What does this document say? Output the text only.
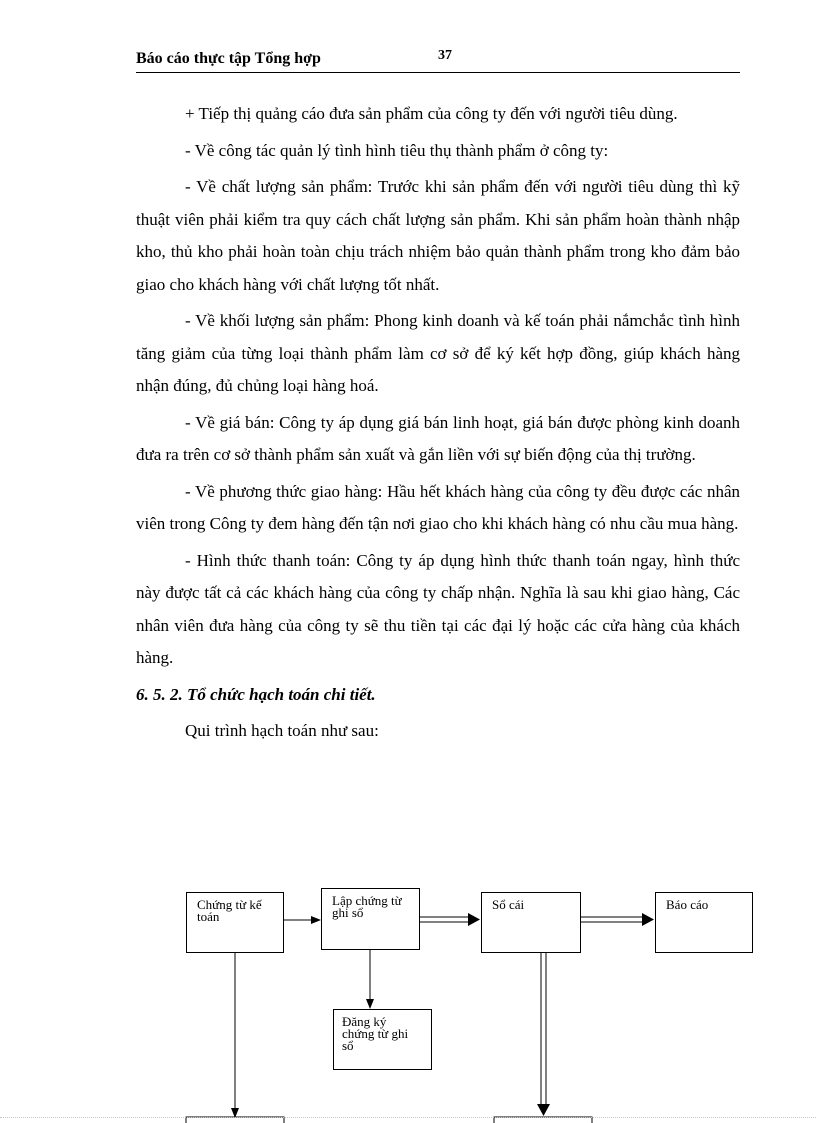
Báo cáo thực tập Tổng hợp	37

+ Tiếp thị quảng cáo đưa sản phẩm của công ty đến với người tiêu dùng.

- Về công tác quản lý tình hình tiêu thụ thành phẩm ở công ty:

- Về chất lượng sản phẩm: Trước khi sản phẩm đến với người tiêu dùng thì kỹ thuật viên phải kiểm tra quy cách chất lượng sản phẩm. Khi sản phẩm hoàn thành nhập kho, thủ kho phải hoàn toàn chịu trách nhiệm bảo quản thành phẩm trong kho đảm bảo giao cho khách hàng với chất lượng tốt nhất.

- Về khối lượng sản phẩm: Phong kinh doanh và kế toán phải nắmchắc tình hình tăng giảm của từng loại thành phẩm làm cơ sở để ký kết hợp đồng, giúp khách hàng nhận đúng, đủ chủng loại hàng hoá.

- Về giá bán: Công ty áp dụng giá bán linh hoạt, giá bán được phòng kinh doanh đưa ra trên cơ sở thành phẩm sản xuất và gắn liền với sự biến động của thị trường.

- Về phương thức giao hàng: Hầu hết khách hàng của công ty đều được các nhân viên trong Công ty đem hàng đến tận nơi giao cho khi khách hàng có nhu cầu mua hàng.

- Hình thức thanh toán: Công ty áp dụng hình thức thanh toán ngay, hình thức này được tất cả các khách hàng của công ty chấp nhận. Nghĩa là sau khi giao hàng, Các nhân viên đưa hàng của công ty sẽ thu tiền tại các đại lý hoặc các cửa hàng của khách hàng.

6. 5. 2. Tổ chức hạch toán chi tiết.

Qui trình hạch toán như sau:

Chứng từ kế toán
Lập chứng từ ghi sổ
Sổ cái	Báo cáo
Đăng ký chứng từ ghi sổ
